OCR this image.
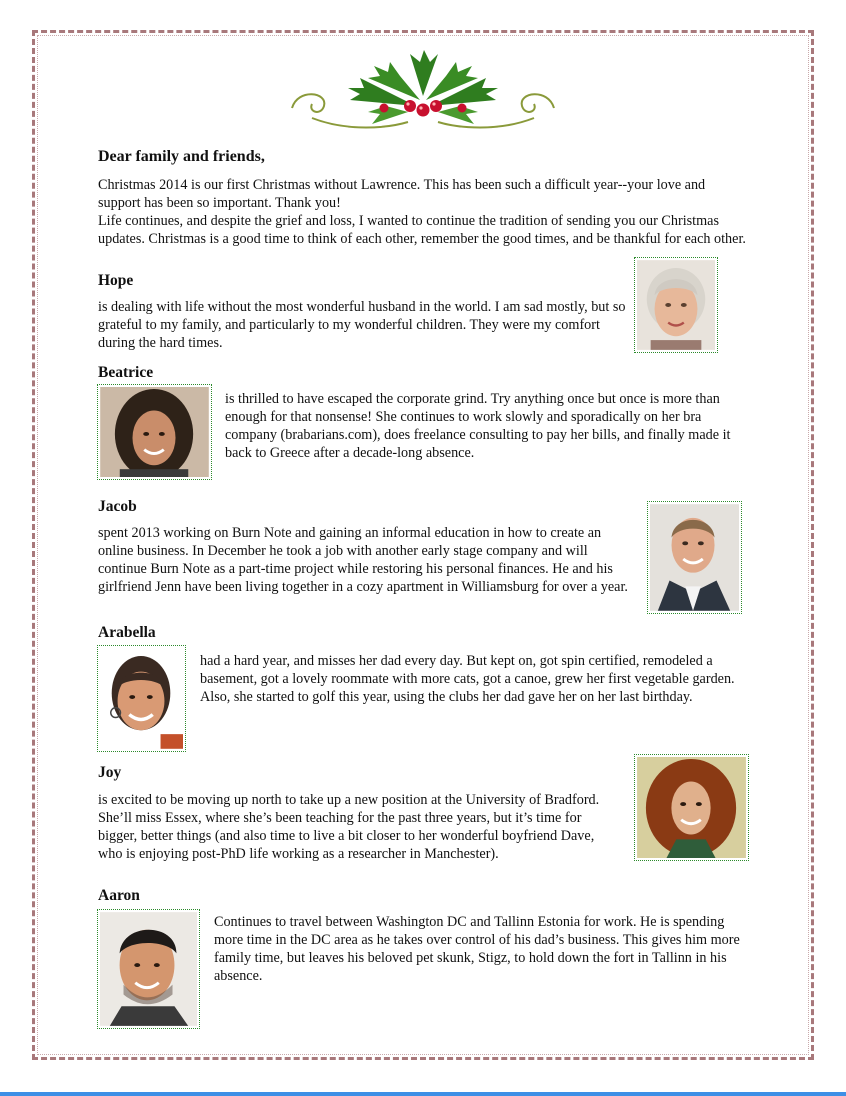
Dear family and friends,
Christmas 2014 is our first Christmas without Lawrence. This has been such a difficult year--your love and support has been so important. Thank you!
Life continues, and despite the grief and loss, I wanted to continue the tradition of sending you our Christmas updates. Christmas is a good time to think of each other, remember the good times, and be thankful for each other.
Hope
is dealing with life without the most wonderful husband in the world. I am sad mostly, but so grateful to my family, and particularly to my wonderful children. They were my comfort during the hard times.
Beatrice
is thrilled to have escaped the corporate grind. Try anything once but once is more than enough for that nonsense! She continues to work slowly and sporadically on her bra company (brabarians.com), does freelance consulting to pay her bills, and finally made it back to Greece after a decade-long absence.
Jacob
spent 2013 working on Burn Note and gaining an informal education in how to create an online business. In December he took a job with another early stage company and will continue Burn Note as a part-time project while restoring his personal finances. He and his girlfriend Jenn have been living together in a cozy apartment in Williamsburg for over a year.
Arabella
had a hard year, and misses her dad every day. But kept on, got spin certified, remodeled a basement, got a lovely roommate with more cats, got a canoe, grew her first vegetable garden. Also, she started to golf this year, using the clubs her dad gave her on her last birthday.
Joy
is excited to be moving up north to take up a new position at the University of Bradford. She’ll miss Essex, where she’s been teaching for the past three years, but it’s time for bigger, better things (and also time to live a bit closer to her wonderful boyfriend Dave, who is enjoying post-PhD life working as a researcher in Manchester).
Aaron
Continues to travel between Washington DC and Tallinn Estonia for work. He is spending more time in the DC area as he takes over control of his dad’s business. This gives him more family time, but leaves his beloved pet skunk, Stigz, to hold down the fort in Tallinn in his absence.
